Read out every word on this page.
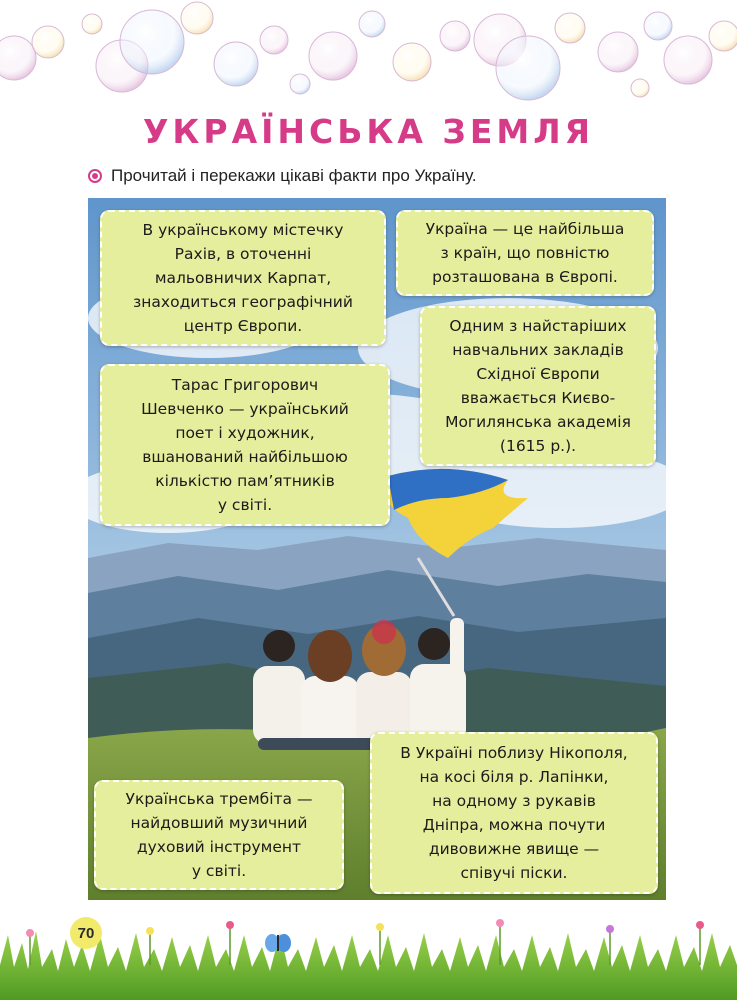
УКРАЇНСЬКА ЗЕМЛЯ
Прочитай і перекажи цікаві факти про Україну.
В українському містечку
Рахів, в оточенні
мальовничих Карпат,
знаходиться географічний
центр Європи.
Україна — це найбільша
з країн, що повністю
розташована в Європі.
Одним з найстаріших
навчальних закладів
Східної Європи
вважається Києво-
Могилянська академія
(1615 р.).
Тарас Григорович
Шевченко — український
поет і художник,
вшанований найбільшою
кількістю пам’ятників
у світі.
Українська трембіта —
найдовший музичний
духовий інструмент
у світі.
В Україні поблизу Нікополя,
на косі біля р. Лапінки,
на одному з рукавів
Дніпра, можна почути
дивовижне явище —
співучі піски.
70
